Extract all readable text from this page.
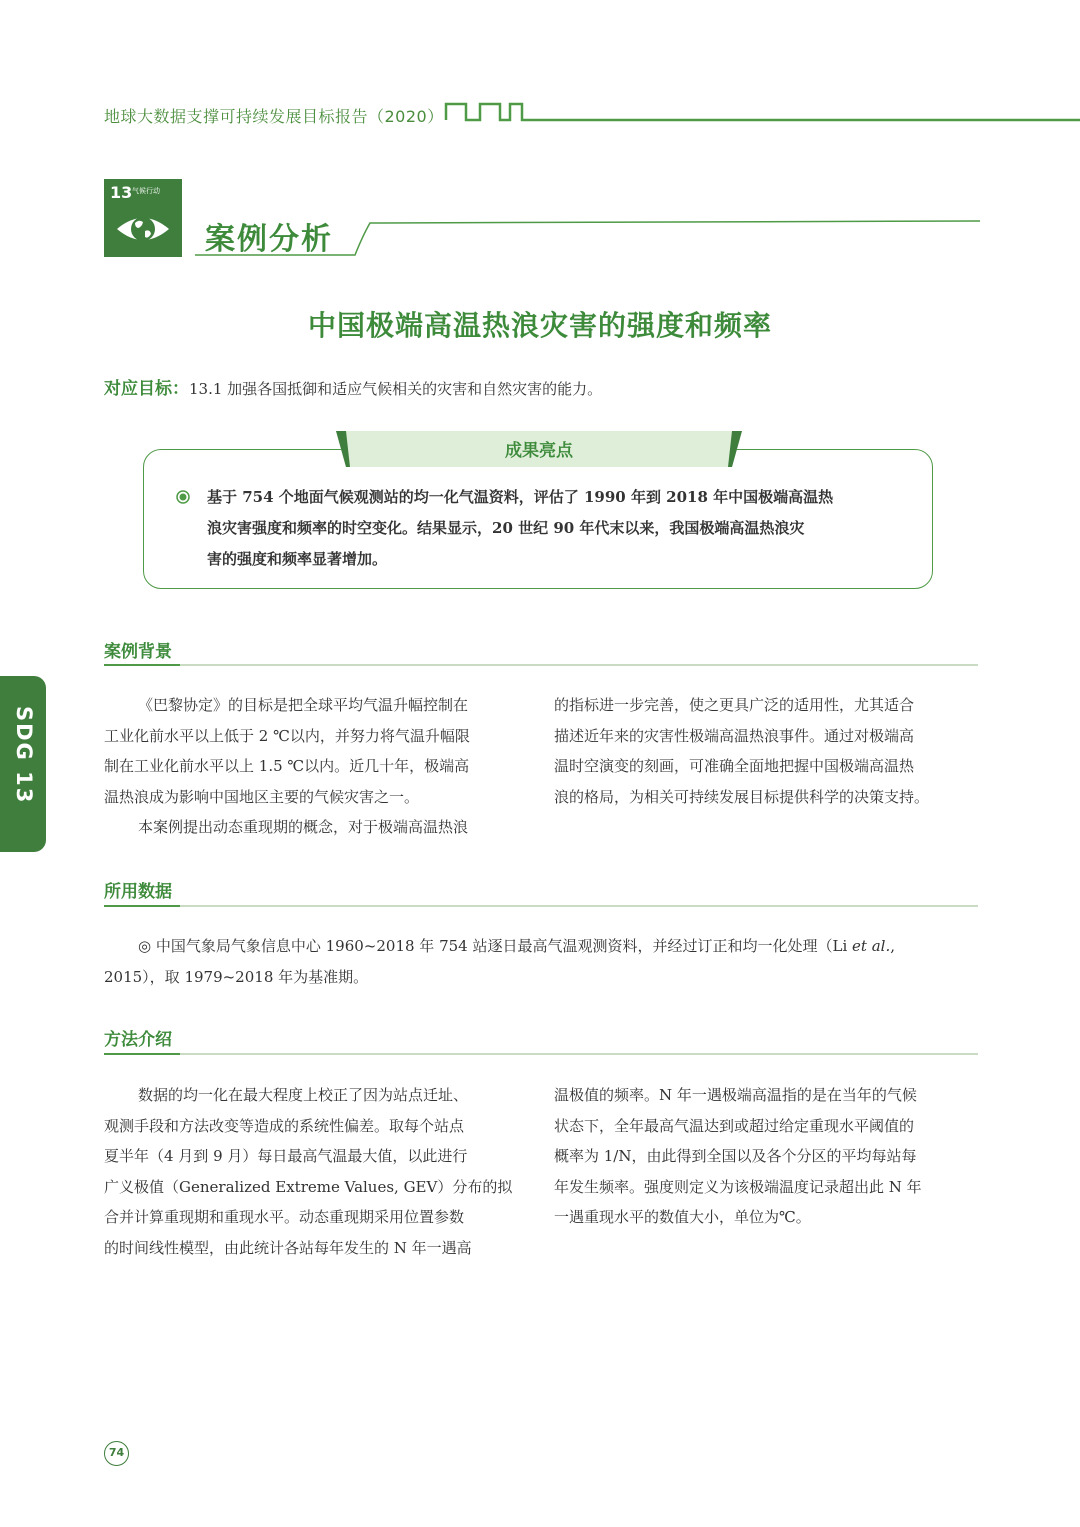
地球大数据支撑可持续发展目标报告（2020）
13 气候行动
案例分析
中国极端高温热浪灾害的强度和频率
对应目标：13.1 加强各国抵御和适应气候相关的灾害和自然灾害的能力。
成果亮点
基于 754 个地面气候观测站的均一化气温资料，评估了 1990 年到 2018 年中国极端高温热
浪灾害强度和频率的时空变化。结果显示，20 世纪 90 年代末以来，我国极端高温热浪灾
害的强度和频率显著增加。
案例背景
《巴黎协定》的目标是把全球平均气温升幅控制在
工业化前水平以上低于 2 ℃以内，并努力将气温升幅限
制在工业化前水平以上 1.5 ℃以内。近几十年，极端高
温热浪成为影响中国地区主要的气候灾害之一。
本案例提出动态重现期的概念，对于极端高温热浪
的指标进一步完善，使之更具广泛的适用性，尤其适合
描述近年来的灾害性极端高温热浪事件。通过对极端高
温时空演变的刻画，可准确全面地把握中国极端高温热
浪的格局，为相关可持续发展目标提供科学的决策支持。
SDG 13
所用数据
◎ 中国气象局气象信息中心 1960~2018 年 754 站逐日最高气温观测资料，并经过订正和均一化处理（Li et al.,
2015），取 1979~2018 年为基准期。
方法介绍
数据的均一化在最大程度上校正了因为站点迁址、
观测手段和方法改变等造成的系统性偏差。取每个站点
夏半年（4 月到 9 月）每日最高气温最大值，以此进行
广义极值（Generalized Extreme Values, GEV）分布的拟
合并计算重现期和重现水平。动态重现期采用位置参数
的时间线性模型，由此统计各站每年发生的 N 年一遇高
温极值的频率。N 年一遇极端高温指的是在当年的气候
状态下，全年最高气温达到或超过给定重现水平阈值的
概率为 1/N，由此得到全国以及各个分区的平均每站每
年发生频率。强度则定义为该极端温度记录超出此 N 年
一遇重现水平的数值大小，单位为℃。
74
